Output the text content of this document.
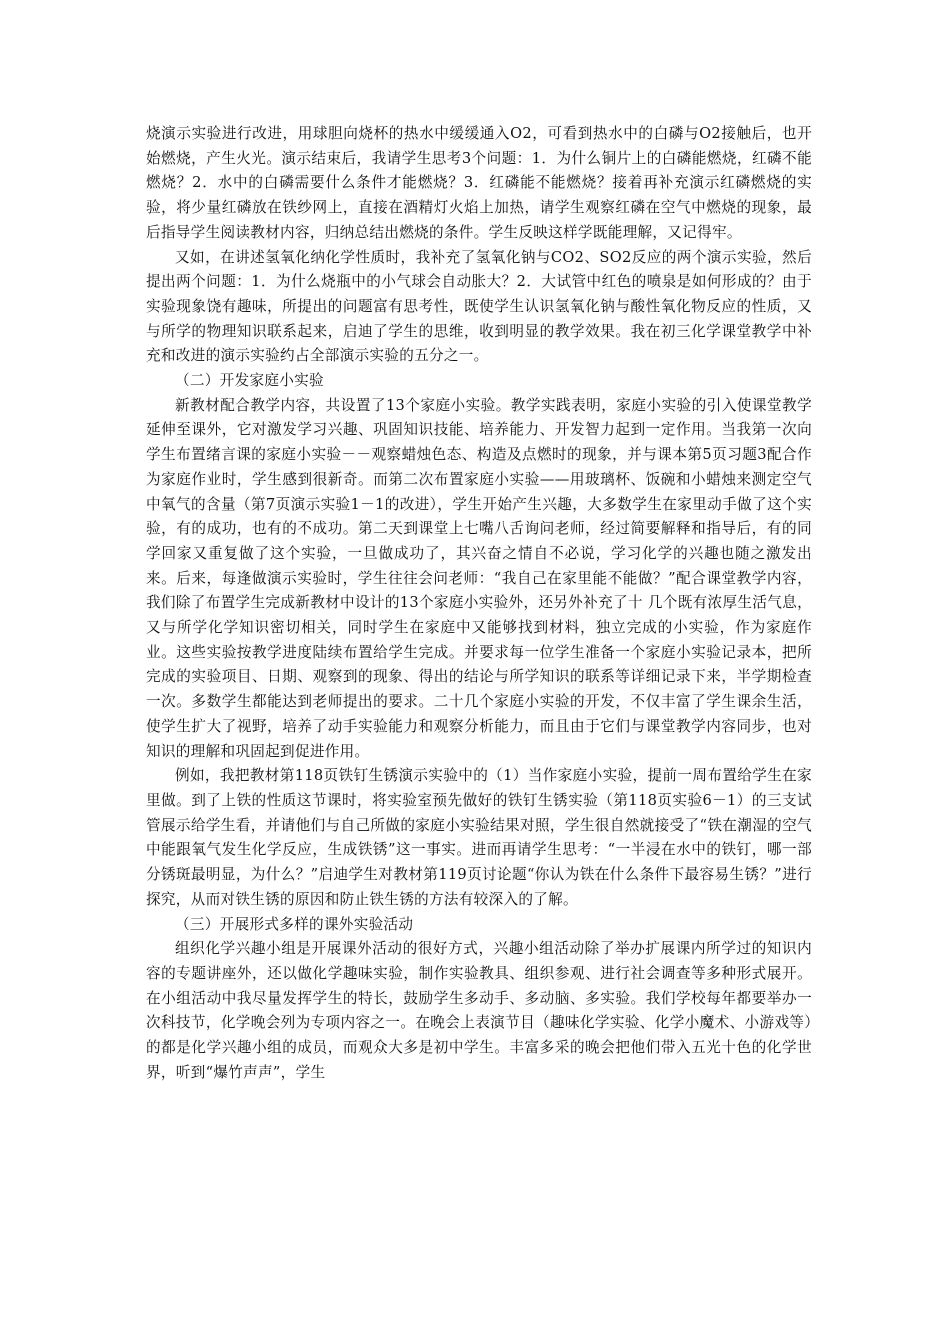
烧演示实验进行改进，用球胆向烧杯的热水中缓缓通入O2，可看到热水中的白磷与O2接触后，也开始燃烧，产生火光。演示结束后，我请学生思考3个问题：1．为什么铜片上的白磷能燃烧，红磷不能燃烧？2．水中的白磷需要什么条件才能燃烧？3．红磷能不能燃烧？接着再补充演示红磷燃烧的实验，将少量红磷放在铁纱网上，直接在酒精灯火焰上加热，请学生观察红磷在空气中燃烧的现象，最后指导学生阅读教材内容，归纳总结出燃烧的条件。学生反映这样学既能理解，又记得牢。

又如，在讲述氢氧化纳化学性质时，我补充了氢氧化钠与CO2、SO2反应的两个演示实验，然后提出两个问题：1．为什么烧瓶中的小气球会自动胀大？2．大试管中红色的喷泉是如何形成的？由于实验现象饶有趣味，所提出的问题富有思考性，既使学生认识氢氧化钠与酸性氧化物反应的性质，又与所学的物理知识联系起来，启迪了学生的思维，收到明显的教学效果。我在初三化学课堂教学中补充和改进的演示实验约占全部演示实验的五分之一。

（二）开发家庭小实验

新教材配合教学内容，共设置了13个家庭小实验。教学实践表明，家庭小实验的引入使课堂教学延伸至课外，它对激发学习兴趣、巩固知识技能、培养能力、开发智力起到一定作用。当我第一次向学生布置绪言课的家庭小实验－－观察蜡烛色态、构造及点燃时的现象，并与课本第5页习题3配合作为家庭作业时，学生感到很新奇。而第二次布置家庭小实验——用玻璃杯、饭碗和小蜡烛来测定空气中氧气的含量（第7页演示实验1－1的改进），学生开始产生兴趣，大多数学生在家里动手做了这个实验，有的成功，也有的不成功。第二天到课堂上七嘴八舌询问老师，经过简要解释和指导后，有的同学回家又重复做了这个实验，一旦做成功了，其兴奋之情自不必说，学习化学的兴趣也随之激发出来。后来，每逢做演示实验时，学生往往会问老师：“我自己在家里能不能做？”配合课堂教学内容，我们除了布置学生完成新教材中设计的13个家庭小实验外，还另外补充了十 几个既有浓厚生活气息，又与所学化学知识密切相关，同时学生在家庭中又能够找到材料，独立完成的小实验，作为家庭作业。这些实验按教学进度陆续布置给学生完成。并要求每一位学生准备一个家庭小实验记录本，把所完成的实验项目、日期、观察到的现象、得出的结论与所学知识的联系等详细记录下来，半学期检查一次。多数学生都能达到老师提出的要求。二十几个家庭小实验的开发，不仅丰富了学生课余生活，使学生扩大了视野，培养了动手实验能力和观察分析能力，而且由于它们与课堂教学内容同步，也对知识的理解和巩固起到促进作用。

例如，我把教材第118页铁钉生锈演示实验中的（1）当作家庭小实验，提前一周布置给学生在家里做。到了上铁的性质这节课时，将实验室预先做好的铁钉生锈实验（第118页实验6－1）的三支试管展示给学生看，并请他们与自己所做的家庭小实验结果对照，学生很自然就接受了“铁在潮湿的空气中能跟氧气发生化学反应，生成铁锈”这一事实。进而再请学生思考：“一半浸在水中的铁钉，哪一部分锈斑最明显，为什么？”启迪学生对教材第119页讨论题“你认为铁在什么条件下最容易生锈？”进行探究，从而对铁生锈的原因和防止铁生锈的方法有较深入的了解。

（三）开展形式多样的课外实验活动

组织化学兴趣小组是开展课外活动的很好方式，兴趣小组活动除了举办扩展课内所学过的知识内容的专题讲座外，还以做化学趣味实验，制作实验教具、组织参观、进行社会调查等多种形式展开。在小组活动中我尽量发挥学生的特长，鼓励学生多动手、多动脑、多实验。我们学校每年都要举办一次科技节，化学晚会列为专项内容之一。在晚会上表演节目（趣味化学实验、化学小魔术、小游戏等）的都是化学兴趣小组的成员，而观众大多是初中学生。丰富多采的晚会把他们带入五光十色的化学世界，听到“爆竹声声”，学生
